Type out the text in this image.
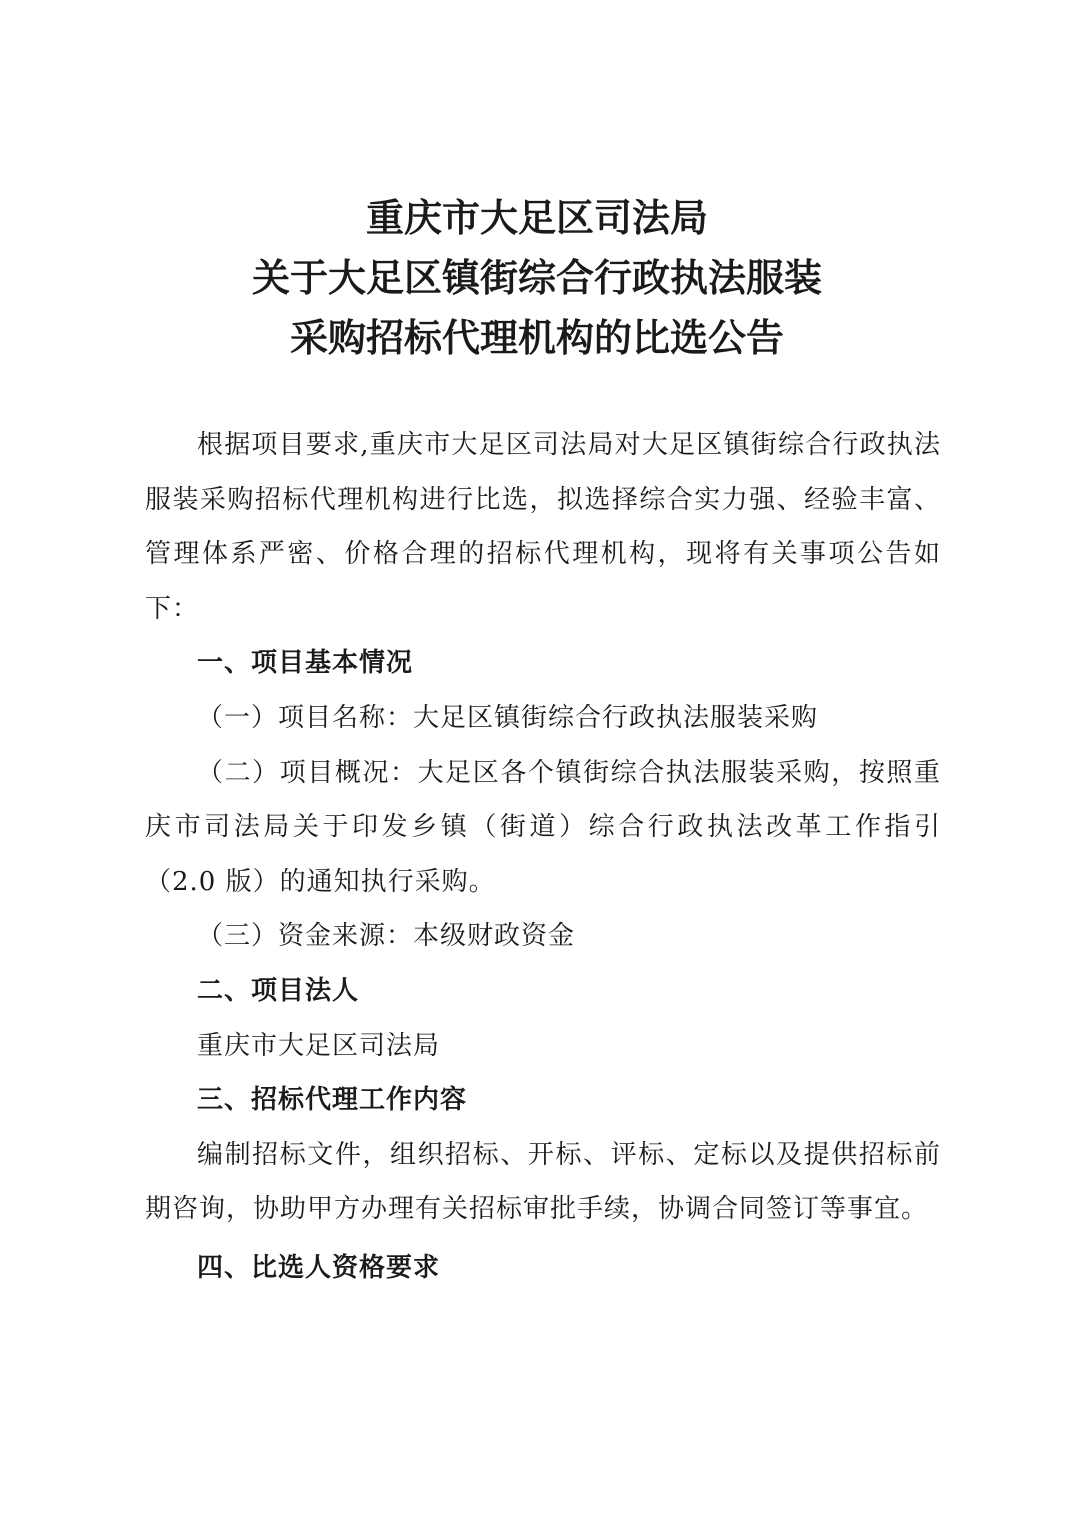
重庆市大足区司法局
关于大足区镇街综合行政执法服装
采购招标代理机构的比选公告

根据项目要求,重庆市大足区司法局对大足区镇街综合行政执法服装采购招标代理机构进行比选，拟选择综合实力强、经验丰富、管理体系严密、价格合理的招标代理机构，现将有关事项公告如下：

一、项目基本情况

（一）项目名称：大足区镇街综合行政执法服装采购

（二）项目概况：大足区各个镇街综合执法服装采购，按照重庆市司法局关于印发乡镇（街道）综合行政执法改革工作指引（2.0 版）的通知执行采购。

（三）资金来源：本级财政资金

二、项目法人

重庆市大足区司法局

三、招标代理工作内容

编制招标文件，组织招标、开标、评标、定标以及提供招标前期咨询，协助甲方办理有关招标审批手续，协调合同签订等事宜。

四、比选人资格要求
